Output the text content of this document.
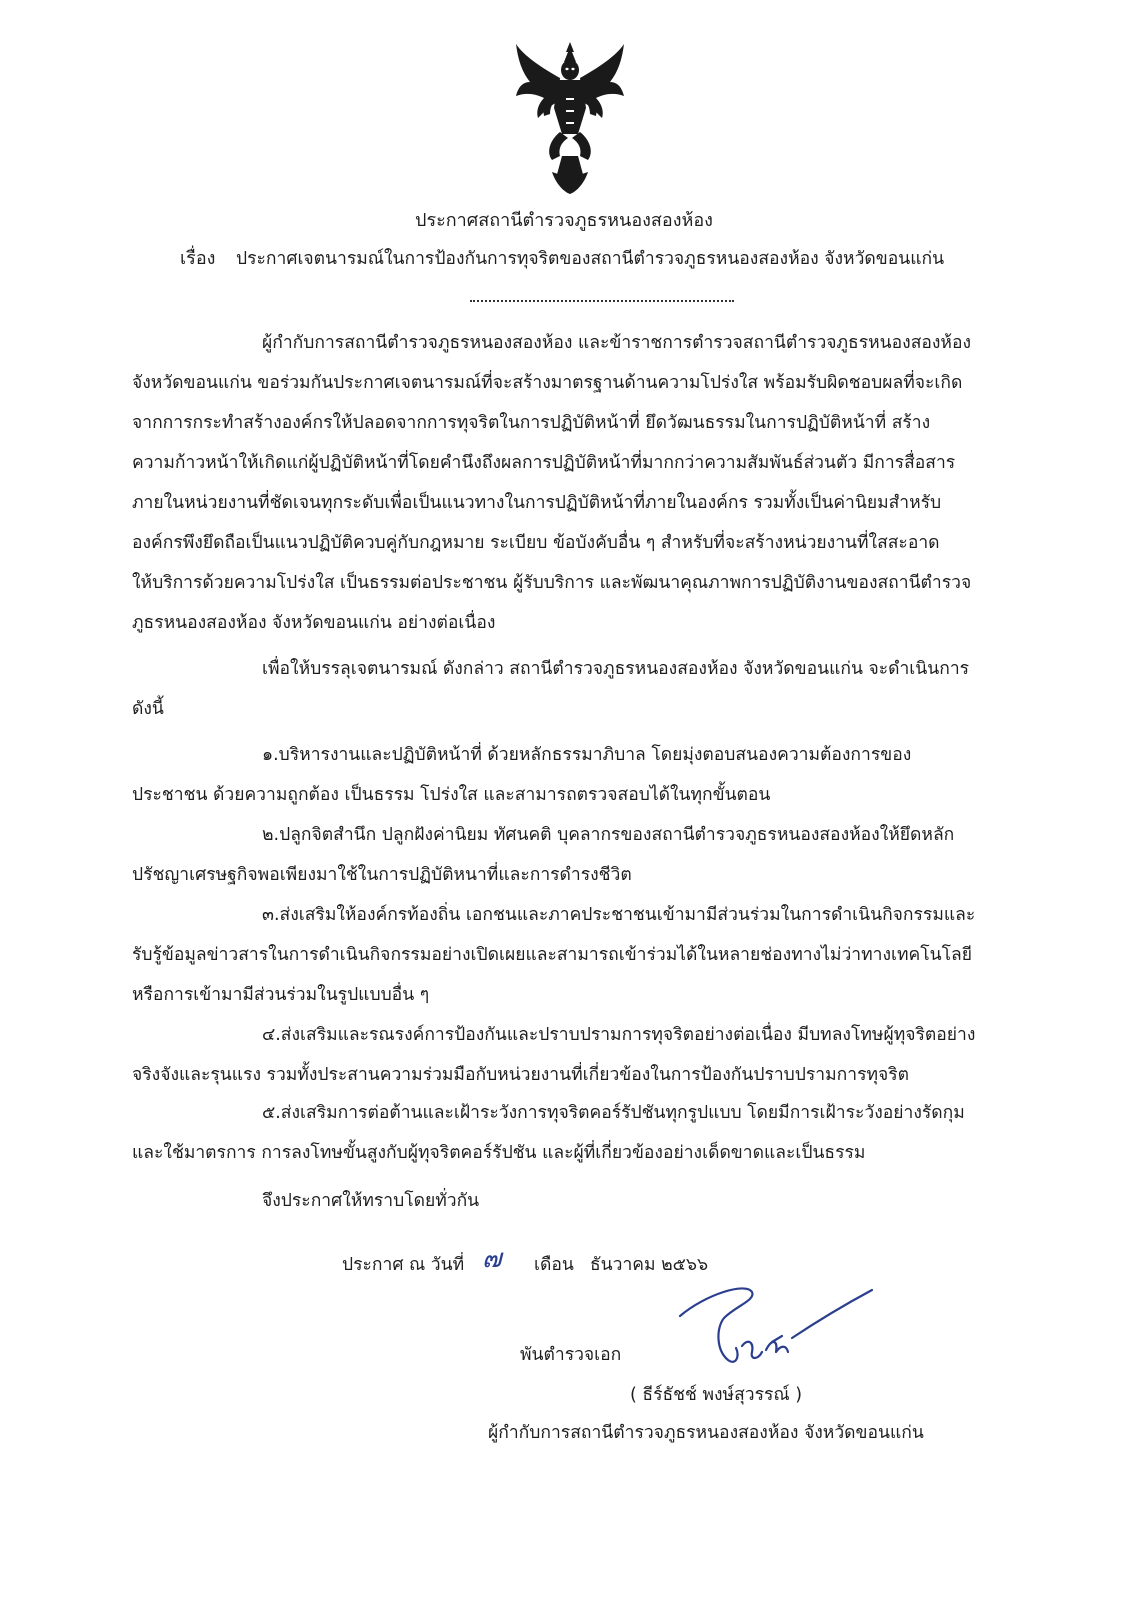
ประกาศสถานีตำรวจภูธรหนองสองห้อง
เรื่อง ประกาศเจตนารมณ์ในการป้องกันการทุจริตของสถานีตำรวจภูธรหนองสองห้อง จังหวัดขอนแก่น
ผู้กำกับการสถานีตำรวจภูธรหนองสองห้อง และข้าราชการตำรวจสถานีตำรวจภูธรหนองสองห้อง
จังหวัดขอนแก่น ขอร่วมกันประกาศเจตนารมณ์ที่จะสร้างมาตรฐานด้านความโปร่งใส พร้อมรับผิดชอบผลที่จะเกิด
จากการกระทำสร้างองค์กรให้ปลอดจากการทุจริตในการปฏิบัติหน้าที่ ยึดวัฒนธรรมในการปฏิบัติหน้าที่ สร้าง
ความก้าวหน้าให้เกิดแก่ผู้ปฏิบัติหน้าที่โดยคำนึงถึงผลการปฏิบัติหน้าที่มากกว่าความสัมพันธ์ส่วนตัว มีการสื่อสาร
ภายในหน่วยงานที่ชัดเจนทุกระดับเพื่อเป็นแนวทางในการปฏิบัติหน้าที่ภายในองค์กร รวมทั้งเป็นค่านิยมสำหรับ
องค์กรพึงยึดถือเป็นแนวปฏิบัติควบคู่กับกฎหมาย ระเบียบ ข้อบังคับอื่น ๆ สำหรับที่จะสร้างหน่วยงานที่ใสสะอาด
ให้บริการด้วยความโปร่งใส เป็นธรรมต่อประชาชน ผู้รับบริการ และพัฒนาคุณภาพการปฏิบัติงานของสถานีตำรวจ
ภูธรหนองสองห้อง จังหวัดขอนแก่น อย่างต่อเนื่อง
เพื่อให้บรรลุเจตนารมณ์ ดังกล่าว สถานีตำรวจภูธรหนองสองห้อง จังหวัดขอนแก่น จะดำเนินการ
ดังนี้
๑.บริหารงานและปฏิบัติหน้าที่ ด้วยหลักธรรมาภิบาล โดยมุ่งตอบสนองความต้องการของ
ประชาชน ด้วยความถูกต้อง เป็นธรรม โปร่งใส และสามารถตรวจสอบได้ในทุกขั้นตอน
๒.ปลูกจิตสำนึก ปลูกฝังค่านิยม ทัศนคติ บุคลากรของสถานีตำรวจภูธรหนองสองห้องให้ยึดหลัก
ปรัชญาเศรษฐกิจพอเพียงมาใช้ในการปฏิบัติหนาที่และการดำรงชีวิต
๓.ส่งเสริมให้องค์กรท้องถิ่น เอกชนและภาคประชาชนเข้ามามีส่วนร่วมในการดำเนินกิจกรรมและ
รับรู้ข้อมูลข่าวสารในการดำเนินกิจกรรมอย่างเปิดเผยและสามารถเข้าร่วมได้ในหลายช่องทางไม่ว่าทางเทคโนโลยี
หรือการเข้ามามีส่วนร่วมในรูปแบบอื่น ๆ
๔.ส่งเสริมและรณรงค์การป้องกันและปราบปรามการทุจริตอย่างต่อเนื่อง มีบทลงโทษผู้ทุจริตอย่าง
จริงจังและรุนแรง รวมทั้งประสานความร่วมมือกับหน่วยงานที่เกี่ยวข้องในการป้องกันปราบปรามการทุจริต
๕.ส่งเสริมการต่อต้านและเฝ้าระวังการทุจริตคอร์รัปชันทุกรูปแบบ โดยมีการเฝ้าระวังอย่างรัดกุม
และใช้มาตรการ การลงโทษขั้นสูงกับผู้ทุจริตคอร์รัปชัน และผู้ที่เกี่ยวข้องอย่างเด็ดขาดและเป็นธรรม
จึงประกาศให้ทราบโดยทั่วกัน
ประกาศ ณ วันที่ ๗ เดือน ธันวาคม ๒๕๖๖
พันตำรวจเอก
( ธีร์ธัชช์ พงษ์สุวรรณ์ )
ผู้กำกับการสถานีตำรวจภูธรหนองสองห้อง จังหวัดขอนแก่น
